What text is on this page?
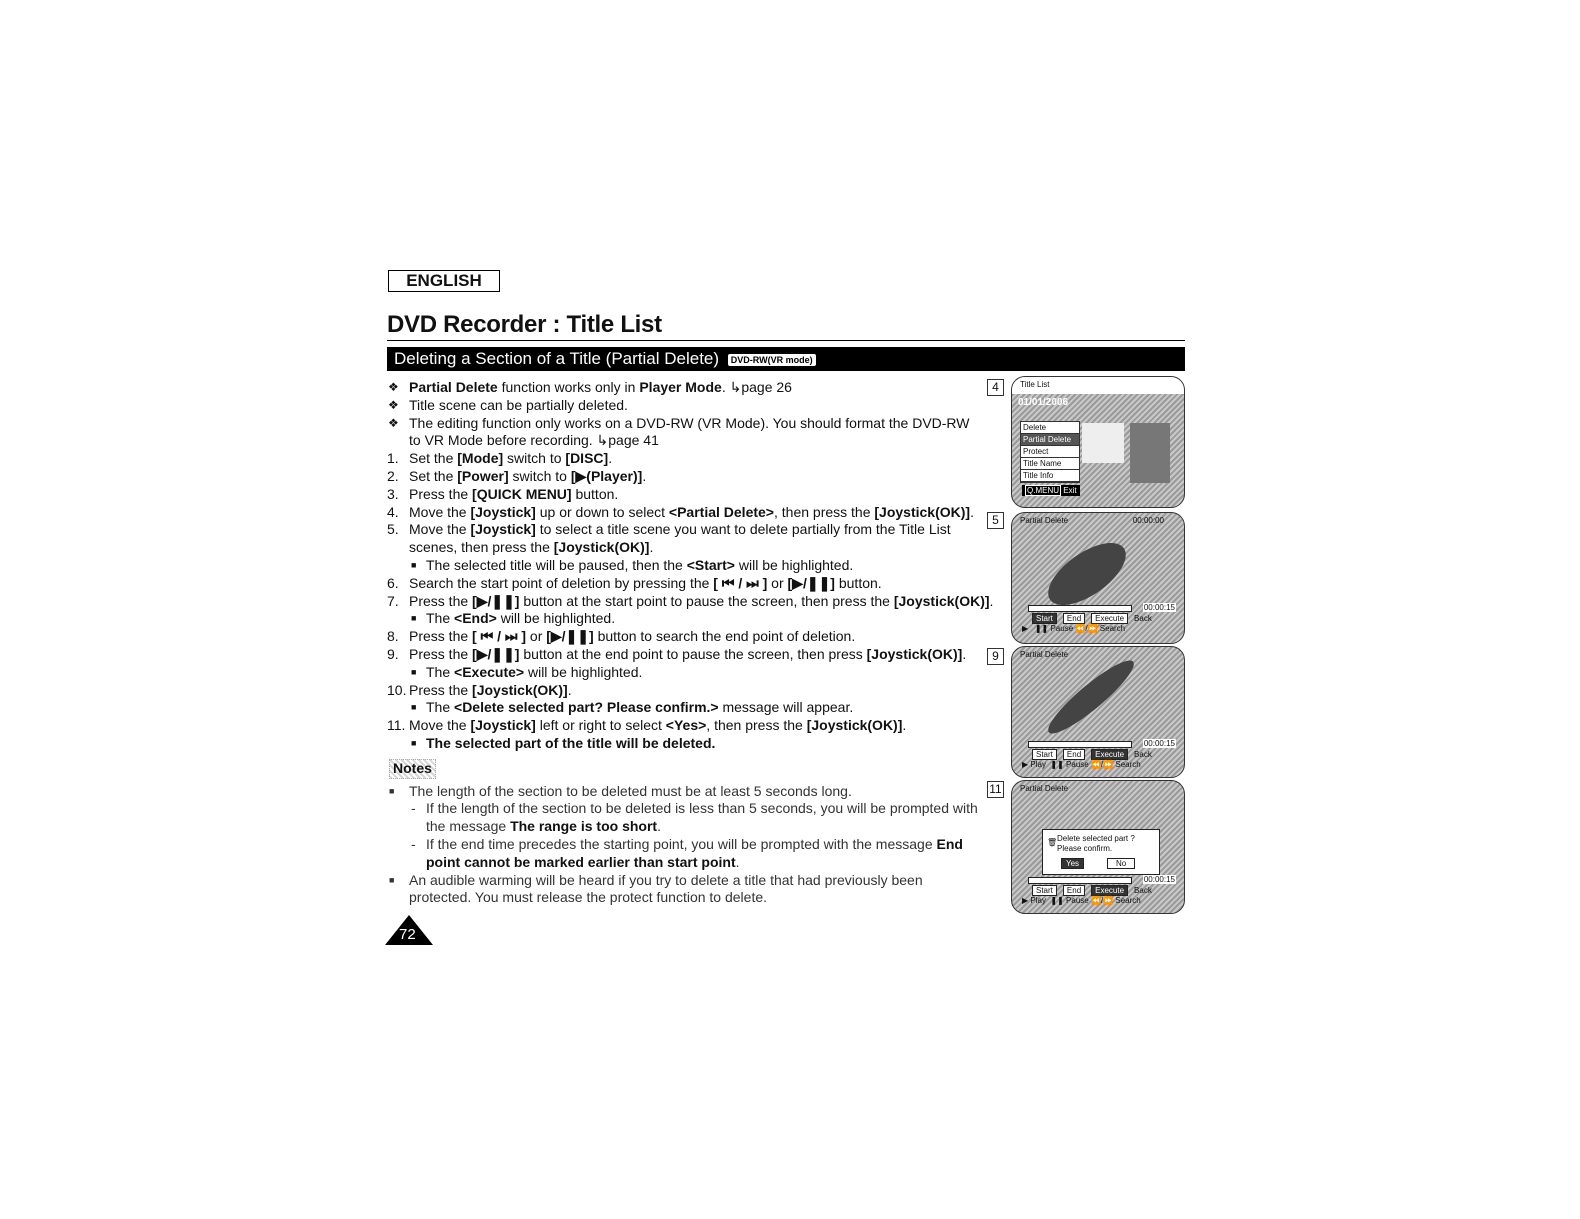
ENGLISH
DVD Recorder : Title List
Deleting a Section of a Title (Partial Delete) DVD-RW(VR mode)
❖ Partial Delete function works only in Player Mode. ↳page 26
❖ Title scene can be partially deleted.
❖ The editing function only works on a DVD-RW (VR Mode). You should format the DVD-RW
to VR Mode before recording. ↳page 41
1. Set the [Mode] switch to [DISC].
2. Set the [Power] switch to [▶(Player)].
3. Press the [QUICK MENU] button.
4. Move the [Joystick] up or down to select <Partial Delete>, then press the [Joystick(OK)].
5. Move the [Joystick] to select a title scene you want to delete partially from the Title List
scenes, then press the [Joystick(OK)].
■ The selected title will be paused, then the <Start> will be highlighted.
6. Search the start point of deletion by pressing the [ ⏮ / ⏭ ] or [▶/❚❚] button.
7. Press the [▶/❚❚] button at the start point to pause the screen, then press the [Joystick(OK)].
■ The <End> will be highlighted.
8. Press the [ ⏮ / ⏭ ] or [▶/❚❚] button to search the end point of deletion.
9. Press the [▶/❚❚] button at the end point to pause the screen, then press [Joystick(OK)].
■ The <Execute> will be highlighted.
10. Press the [Joystick(OK)].
■ The <Delete selected part? Please confirm.> message will appear.
11. Move the [Joystick] left or right to select <Yes>, then press the [Joystick(OK)].
■ The selected part of the title will be deleted.
Notes
■ The length of the section to be deleted must be at least 5 seconds long.
- If the length of the section to be deleted is less than 5 seconds, you will be prompted with
the message The range is too short.
- If the end time precedes the starting point, you will be prompted with the message End
point cannot be marked earlier than start point.
■ An audible warming will be heard if you try to delete a title that had previously been
protected. You must release the protect function to delete.
4
5
9
11
Title List
01/01/2006
Delete
Partial Delete
Protect
Title Name
Title Info
Q.MENU Exit
Partial Delete	00:00:00
00:00:15
Start End Execute Back
▶ ❚❚ Pause ⏪/⏩ Search
Partial Delete
00:00:15
Start End Execute Back
▶ Play ❚❚ Pause ⏪/⏩ Search
Partial Delete
🗑 Delete selected part ?
Please confirm.
Yes	No
00:00:15
Start End Execute Back
▶ Play ❚❚ Pause ⏪/⏩ Search
72
